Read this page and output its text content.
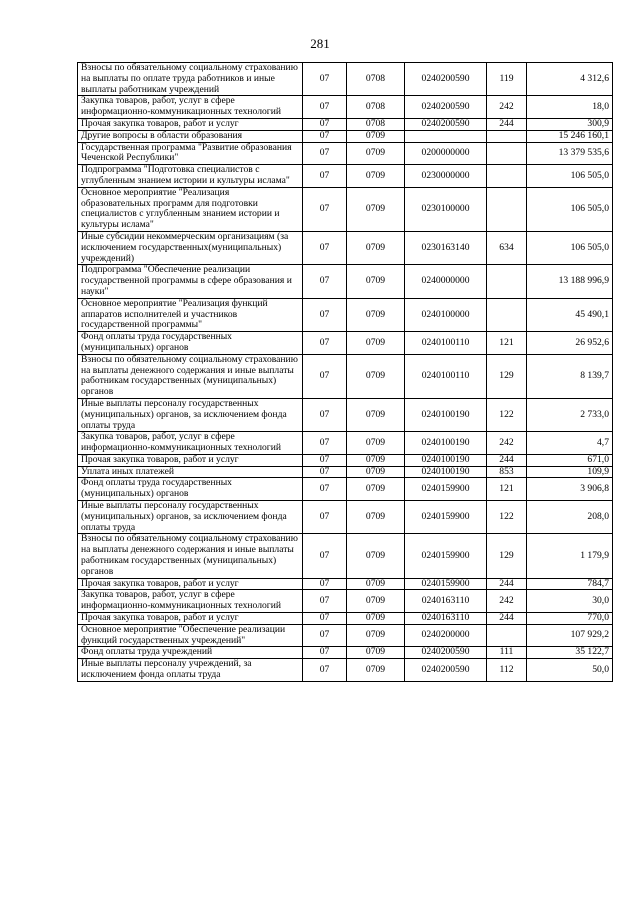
281
Взносы по обязательному социальному страхованию на выплаты по оплате труда работников и иные выплаты работникам учреждений	07	0708	0240200590	119	4 312,6
Закупка товаров, работ, услуг в сфере информационно-коммуникационных технологий	07	0708	0240200590	242	18,0
Прочая закупка товаров, работ и услуг	07	0708	0240200590	244	300,9
Другие вопросы в области образования	07	0709			15 246 160,1
Государственная программа "Развитие образования Чеченской Республики"	07	0709	0200000000		13 379 535,6
Подпрограмма "Подготовка специалистов с углубленным знанием истории и культуры ислама"	07	0709	0230000000		106 505,0
Основное мероприятие "Реализация образовательных программ для подготовки специалистов с углубленным знанием истории и культуры ислама"	07	0709	0230100000		106 505,0
Иные субсидии некоммерческим организациям (за исключением государственных(муниципальных) учреждений)	07	0709	0230163140	634	106 505,0
Подпрограмма "Обеспечение реализации государственной программы в сфере образования и науки"	07	0709	0240000000		13 188 996,9
Основное мероприятие "Реализация функций аппаратов исполнителей и участников государственной программы"	07	0709	0240100000		45 490,1
Фонд оплаты труда государственных (муниципальных) органов	07	0709	0240100110	121	26 952,6
Взносы по обязательному социальному страхованию на выплаты денежного содержания и иные выплаты работникам государственных (муниципальных) органов	07	0709	0240100110	129	8 139,7
Иные выплаты персоналу государственных (муниципальных) органов, за исключением фонда оплаты труда	07	0709	0240100190	122	2 733,0
Закупка товаров, работ, услуг в сфере информационно-коммуникационных технологий	07	0709	0240100190	242	4,7
Прочая закупка товаров, работ и услуг	07	0709	0240100190	244	671,0
Уплата иных платежей	07	0709	0240100190	853	109,9
Фонд оплаты труда государственных (муниципальных) органов	07	0709	0240159900	121	3 906,8
Иные выплаты персоналу государственных (муниципальных) органов, за исключением фонда оплаты труда	07	0709	0240159900	122	208,0
Взносы по обязательному социальному страхованию на выплаты денежного содержания и иные выплаты работникам государственных (муниципальных) органов	07	0709	0240159900	129	1 179,9
Прочая закупка товаров, работ и услуг	07	0709	0240159900	244	784,7
Закупка товаров, работ, услуг в сфере информационно-коммуникационных технологий	07	0709	0240163110	242	30,0
Прочая закупка товаров, работ и услуг	07	0709	0240163110	244	770,0
Основное мероприятие "Обеспечение реализации функций государственных учреждений"	07	0709	0240200000		107 929,2
Фонд оплаты труда учреждений	07	0709	0240200590	111	35 122,7
Иные выплаты персоналу учреждений, за исключением фонда оплаты труда	07	0709	0240200590	112	50,0
